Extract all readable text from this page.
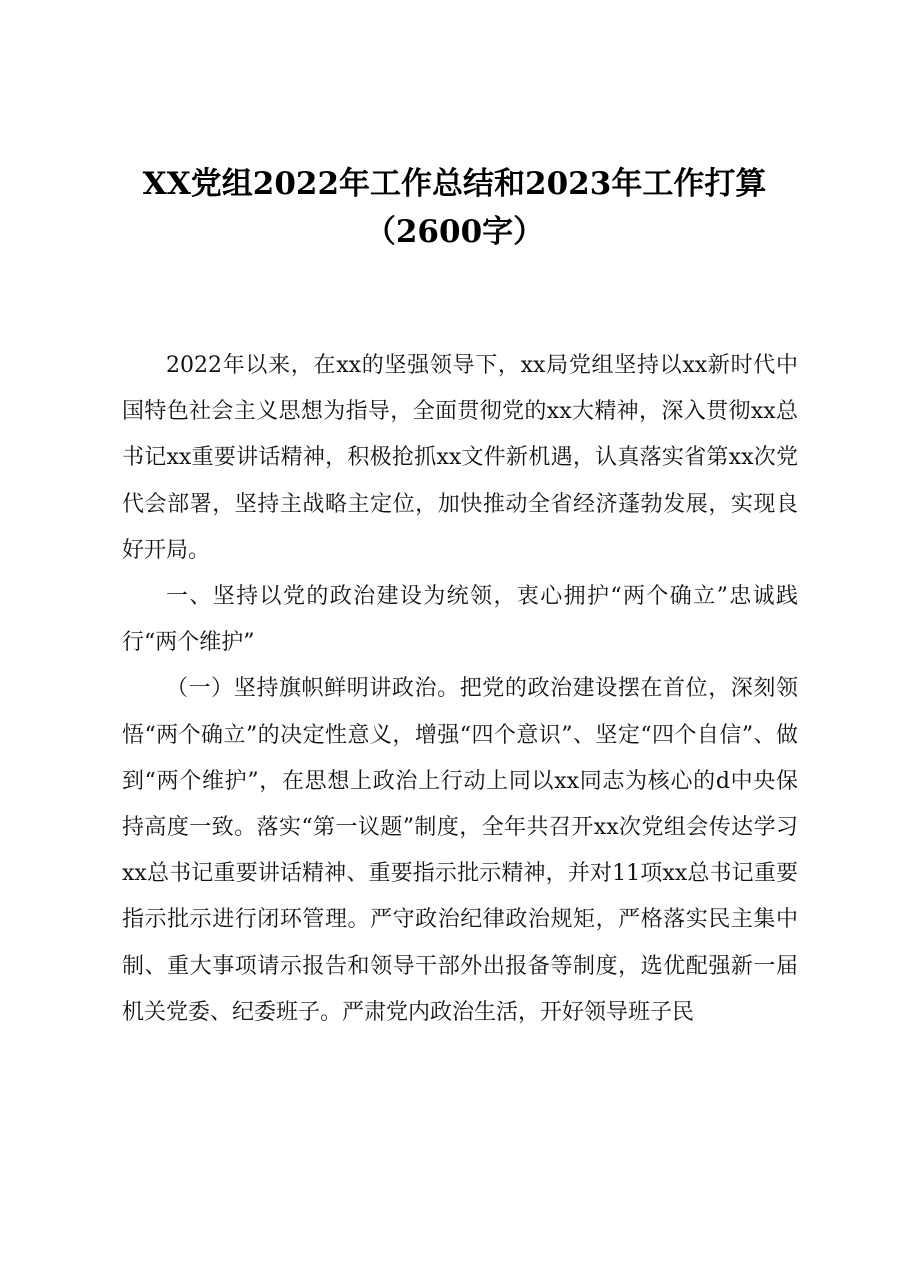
XX党组2022年工作总结和2023年工作打算
（2600字）

2022年以来，在xx的坚强领导下，xx局党组坚持以xx新时代中国特色社会主义思想为指导，全面贯彻党的xx大精神，深入贯彻xx总书记xx重要讲话精神，积极抢抓xx文件新机遇，认真落实省第xx次党代会部署，坚持主战略主定位，加快推动全省经济蓬勃发展，实现良好开局。

一、坚持以党的政治建设为统领，衷心拥护“两个确立”忠诚践行“两个维护”

（一）坚持旗帜鲜明讲政治。把党的政治建设摆在首位，深刻领悟“两个确立”的决定性意义，增强“四个意识”、坚定“四个自信”、做到“两个维护”，在思想上政治上行动上同以xx同志为核心的d中央保持高度一致。落实“第一议题”制度，全年共召开xx次党组会传达学习xx总书记重要讲话精神、重要指示批示精神，并对11项xx总书记重要指示批示进行闭环管理。严守政治纪律政治规矩，严格落实民主集中制、重大事项请示报告和领导干部外出报备等制度，选优配强新一届机关党委、纪委班子。严肃党内政治生活，开好领导班子民
